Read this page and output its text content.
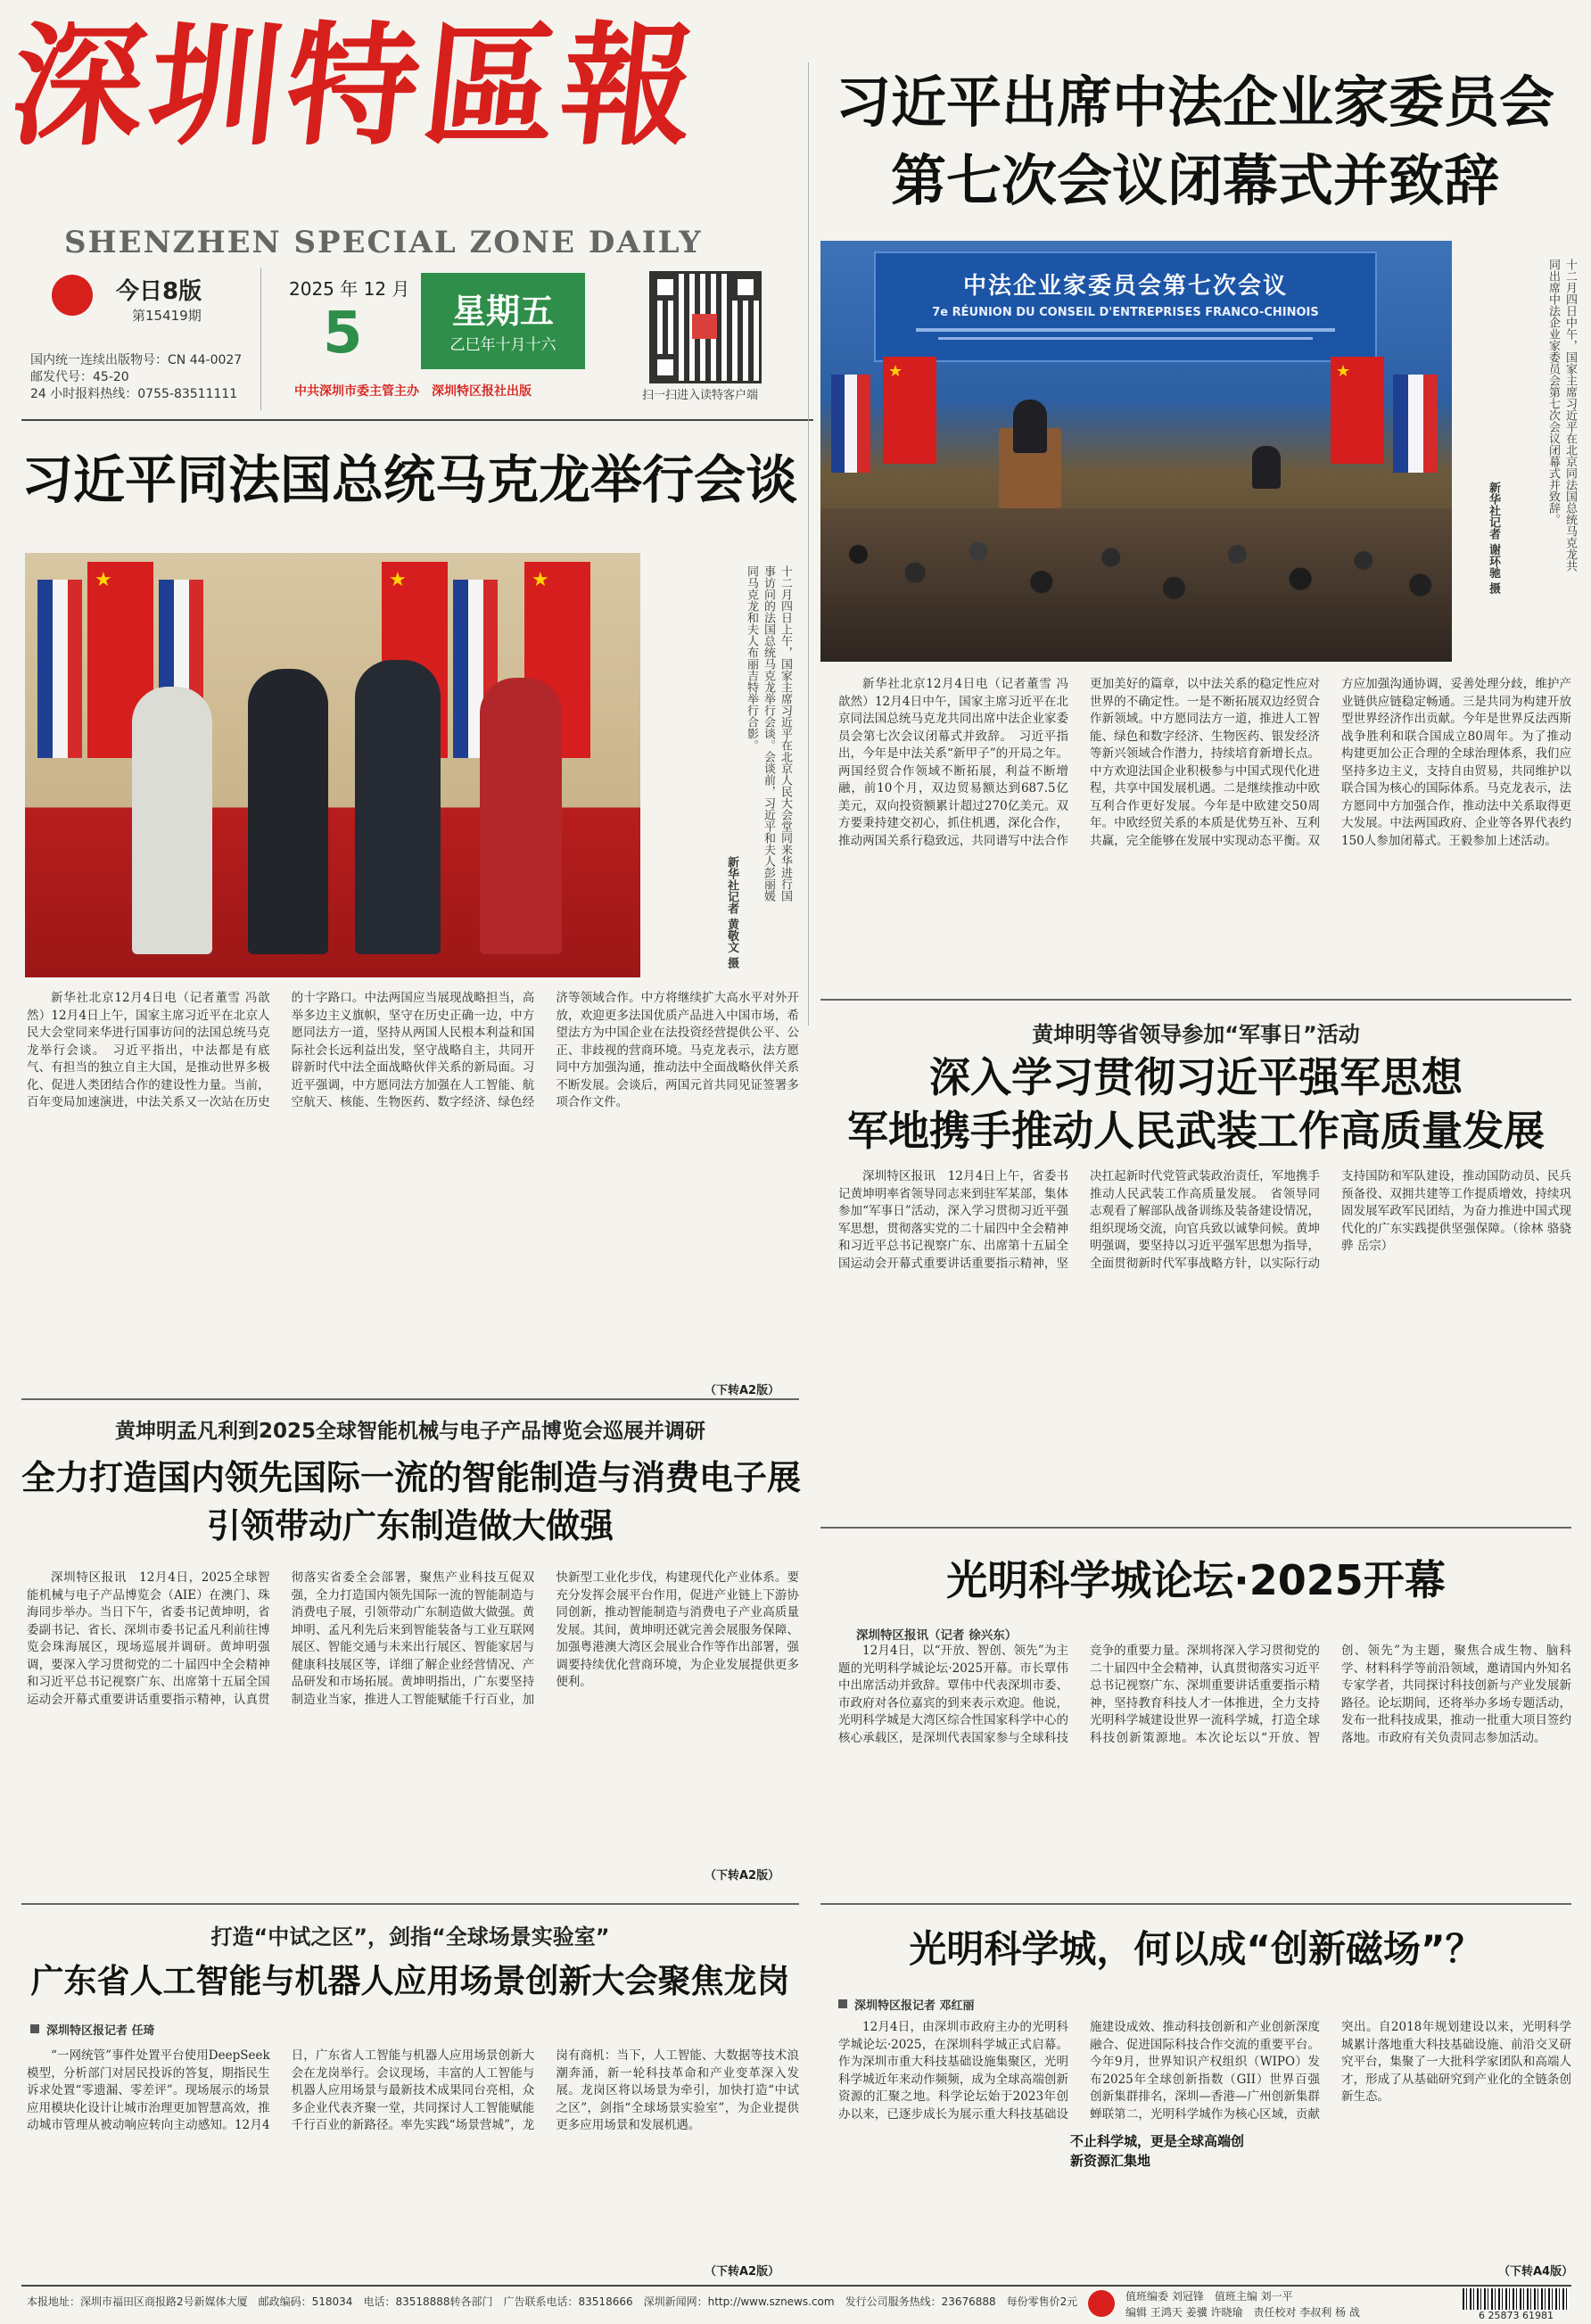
深圳特區報
SHENZHEN SPECIAL ZONE DAILY
今日8版
第15419期
国内统一连续出版物号：CN 44-0027
邮发代号：45-20
24 小时报料热线：0755-83511111
2025 年 12 月
5	星期五
乙巳年十月十六
中共深圳市委主管主办　深圳特区报社出版	扫一扫进入读特客户端
习近平出席中法企业家委员会
第七次会议闭幕式并致辞
中法企业家委员会第七次会议
7e RÉUNION DU CONSEIL D'ENTREPRISES FRANCO-CHINOIS
★	★	十二月四日中午，国家主席习近平在北京同法国总统马克龙共同出席中法企业家委员会第七次会议闭幕式并致辞。
新华社记者 谢环驰 摄

新华社北京12月4日电（记者董雪 冯歆然）12月4日中午，国家主席习近平在北京同法国总统马克龙共同出席中法企业家委员会第七次会议闭幕式并致辞。　习近平指出，今年是中法关系“新甲子”的开局之年。两国经贸合作领域不断拓展，利益不断增融，前10个月，双边贸易额达到687.5亿美元，双向投资额累计超过270亿美元。双方要秉持建交初心，抓住机遇，深化合作，推动两国关系行稳致远，共同谱写中法合作更加美好的篇章，以中法关系的稳定性应对世界的不确定性。一是不断拓展双边经贸合作新领域。中方愿同法方一道，推进人工智能、绿色和数字经济、生物医药、银发经济等新兴领域合作潜力，持续培育新增长点。中方欢迎法国企业积极参与中国式现代化进程，共享中国发展机遇。二是继续推动中欧互利合作更好发展。今年是中欧建交50周年。中欧经贸关系的本质是优势互补、互利共赢，完全能够在发展中实现动态平衡。双方应加强沟通协调，妥善处理分歧，维护产业链供应链稳定畅通。三是共同为构建开放型世界经济作出贡献。今年是世界反法西斯战争胜利和联合国成立80周年。为了推动构建更加公正合理的全球治理体系，我们应坚持多边主义，支持自由贸易，共同维护以联合国为核心的国际体系。马克龙表示，法方愿同中方加强合作，推动法中关系取得更大发展。中法两国政府、企业等各界代表约150人参加闭幕式。王毅参加上述活动。

习近平同法国总统马克龙举行会谈
★	★	★	十二月四日上午，国家主席习近平在北京人民大会堂同来华进行国事访问的法国总统马克龙举行会谈。会谈前，习近平和夫人彭丽媛同马克龙和夫人布丽吉特举行合影。
新华社记者 黄敬文 摄

新华社北京12月4日电（记者董雪 冯歆然）12月4日上午，国家主席习近平在北京人民大会堂同来华进行国事访问的法国总统马克龙举行会谈。　习近平指出，中法都是有底气、有担当的独立自主大国，是推动世界多极化、促进人类团结合作的建设性力量。当前，百年变局加速演进，中法关系又一次站在历史的十字路口。中法两国应当展现战略担当，高举多边主义旗帜，坚守在历史正确一边，中方愿同法方一道，坚持从两国人民根本利益和国际社会长远利益出发，坚守战略自主，共同开辟新时代中法全面战略伙伴关系的新局面。习近平强调，中方愿同法方加强在人工智能、航空航天、核能、生物医药、数字经济、绿色经济等领域合作。中方将继续扩大高水平对外开放，欢迎更多法国优质产品进入中国市场，希望法方为中国企业在法投资经营提供公平、公正、非歧视的营商环境。马克龙表示，法方愿同中方加强沟通，推动法中全面战略伙伴关系不断发展。会谈后，两国元首共同见证签署多项合作文件。

（下转A2版）
黄坤明等省领导参加“军事日”活动
深入学习贯彻习近平强军思想
军地携手推动人民武装工作高质量发展

深圳特区报讯　12月4日上午，省委书记黄坤明率省领导同志来到驻军某部，集体参加“军事日”活动，深入学习贯彻习近平强军思想，贯彻落实党的二十届四中全会精神和习近平总书记视察广东、出席第十五届全国运动会开幕式重要讲话重要指示精神，坚决扛起新时代党管武装政治责任，军地携手推动人民武装工作高质量发展。　省领导同志观看了解部队战备训练及装备建设情况，组织现场交流，向官兵致以诚挚问候。黄坤明强调，要坚持以习近平强军思想为指导，全面贯彻新时代军事战略方针，以实际行动支持国防和军队建设，推动国防动员、民兵预备役、双拥共建等工作提质增效，持续巩固发展军政军民团结，为奋力推进中国式现代化的广东实践提供坚强保障。（徐林 骆骁骅 岳宗）

黄坤明孟凡利到2025全球智能机械与电子产品博览会巡展并调研
全力打造国内领先国际一流的智能制造与消费电子展
引领带动广东制造做大做强

深圳特区报讯　12月4日，2025全球智能机械与电子产品博览会（AIE）在澳门、珠海同步举办。当日下午，省委书记黄坤明，省委副书记、省长、深圳市委书记孟凡利前往博览会珠海展区，现场巡展并调研。黄坤明强调，要深入学习贯彻党的二十届四中全会精神和习近平总书记视察广东、出席第十五届全国运动会开幕式重要讲话重要指示精神，认真贯彻落实省委全会部署，聚焦产业科技互促双强，全力打造国内领先国际一流的智能制造与消费电子展，引领带动广东制造做大做强。黄坤明、孟凡利先后来到智能装备与工业互联网展区、智能交通与未来出行展区、智能家居与健康科技展区等，详细了解企业经营情况、产品研发和市场拓展。黄坤明指出，广东要坚持制造业当家，推进人工智能赋能千行百业，加快新型工业化步伐，构建现代化产业体系。要充分发挥会展平台作用，促进产业链上下游协同创新，推动智能制造与消费电子产业高质量发展。其间，黄坤明还就完善会展服务保障、加强粤港澳大湾区会展业合作等作出部署，强调要持续优化营商环境，为企业发展提供更多便利。

（下转A2版）
光明科学城论坛·2025开幕
深圳特区报讯（记者 徐兴东）

12月4日，以“开放、智创、领先”为主题的光明科学城论坛·2025开幕。市长覃伟中出席活动并致辞。覃伟中代表深圳市委、市政府对各位嘉宾的到来表示欢迎。他说，光明科学城是大湾区综合性国家科学中心的核心承载区，是深圳代表国家参与全球科技竞争的重要力量。深圳将深入学习贯彻党的二十届四中全会精神，认真贯彻落实习近平总书记视察广东、深圳重要讲话重要指示精神，坚持教育科技人才一体推进，全力支持光明科学城建设世界一流科学城，打造全球科技创新策源地。本次论坛以“开放、智创、领先”为主题，聚焦合成生物、脑科学、材料科学等前沿领域，邀请国内外知名专家学者，共同探讨科技创新与产业发展新路径。论坛期间，还将举办多场专题活动，发布一批科技成果，推动一批重大项目签约落地。市政府有关负责同志参加活动。

打造“中试之区”，剑指“全球场景实验室”
广东省人工智能与机器人应用场景创新大会聚焦龙岗
深圳特区报记者 任琦

“一网统管”事件处置平台使用DeepSeek模型，分析部门对居民投诉的答复，期指民生诉求处置“零遗漏、零差评”。现场展示的场景应用模块化设计让城市治理更加智慧高效，推动城市管理从被动响应转向主动感知。12月4日，广东省人工智能与机器人应用场景创新大会在龙岗举行。会议现场，丰富的人工智能与机器人应用场景与最新技术成果同台亮相，众多企业代表齐聚一堂，共同探讨人工智能赋能千行百业的新路径。率先实践“场景营城”，龙岗有商机：当下，人工智能、大数据等技术浪潮奔涌，新一轮科技革命和产业变革深入发展。龙岗区将以场景为牵引，加快打造“中试之区”，剑指“全球场景实验室”，为企业提供更多应用场景和发展机遇。

（下转A2版）
光明科学城，何以成“创新磁场”？
深圳特区报记者 邓红丽
不止科学城，更是全球高端创新资源汇集地

12月4日，由深圳市政府主办的光明科学城论坛·2025，在深圳科学城正式启幕。作为深圳市重大科技基础设施集聚区，光明科学城近年来动作频频，成为全球高端创新资源的汇聚之地。科学论坛始于2023年创办以来，已逐步成长为展示重大科技基础设施建设成效、推动科技创新和产业创新深度融合、促进国际科技合作交流的重要平台。今年9月，世界知识产权组织（WIPO）发布2025年全球创新指数（GII）世界百强创新集群排名，深圳—香港—广州创新集群蝉联第二，光明科学城作为核心区域，贡献突出。自2018年规划建设以来，光明科学城累计落地重大科技基础设施、前沿交叉研究平台，集聚了一大批科学家团队和高端人才，形成了从基础研究到产业化的全链条创新生态。

（下转A4版）
本报地址：深圳市福田区商报路2号新媒体大厦　邮政编码：518034　电话：83518888转各部门　广告联系电话：83518666　深圳新闻网：http://www.sznews.com　发行公司服务热线：23676888　每份零售价2元	值班编委 刘冠锋　值班主编 刘一平
编辑 王鸿天 姜骥 许晓瑜　责任校对 李叔利 杨 战	6 25873 61981
